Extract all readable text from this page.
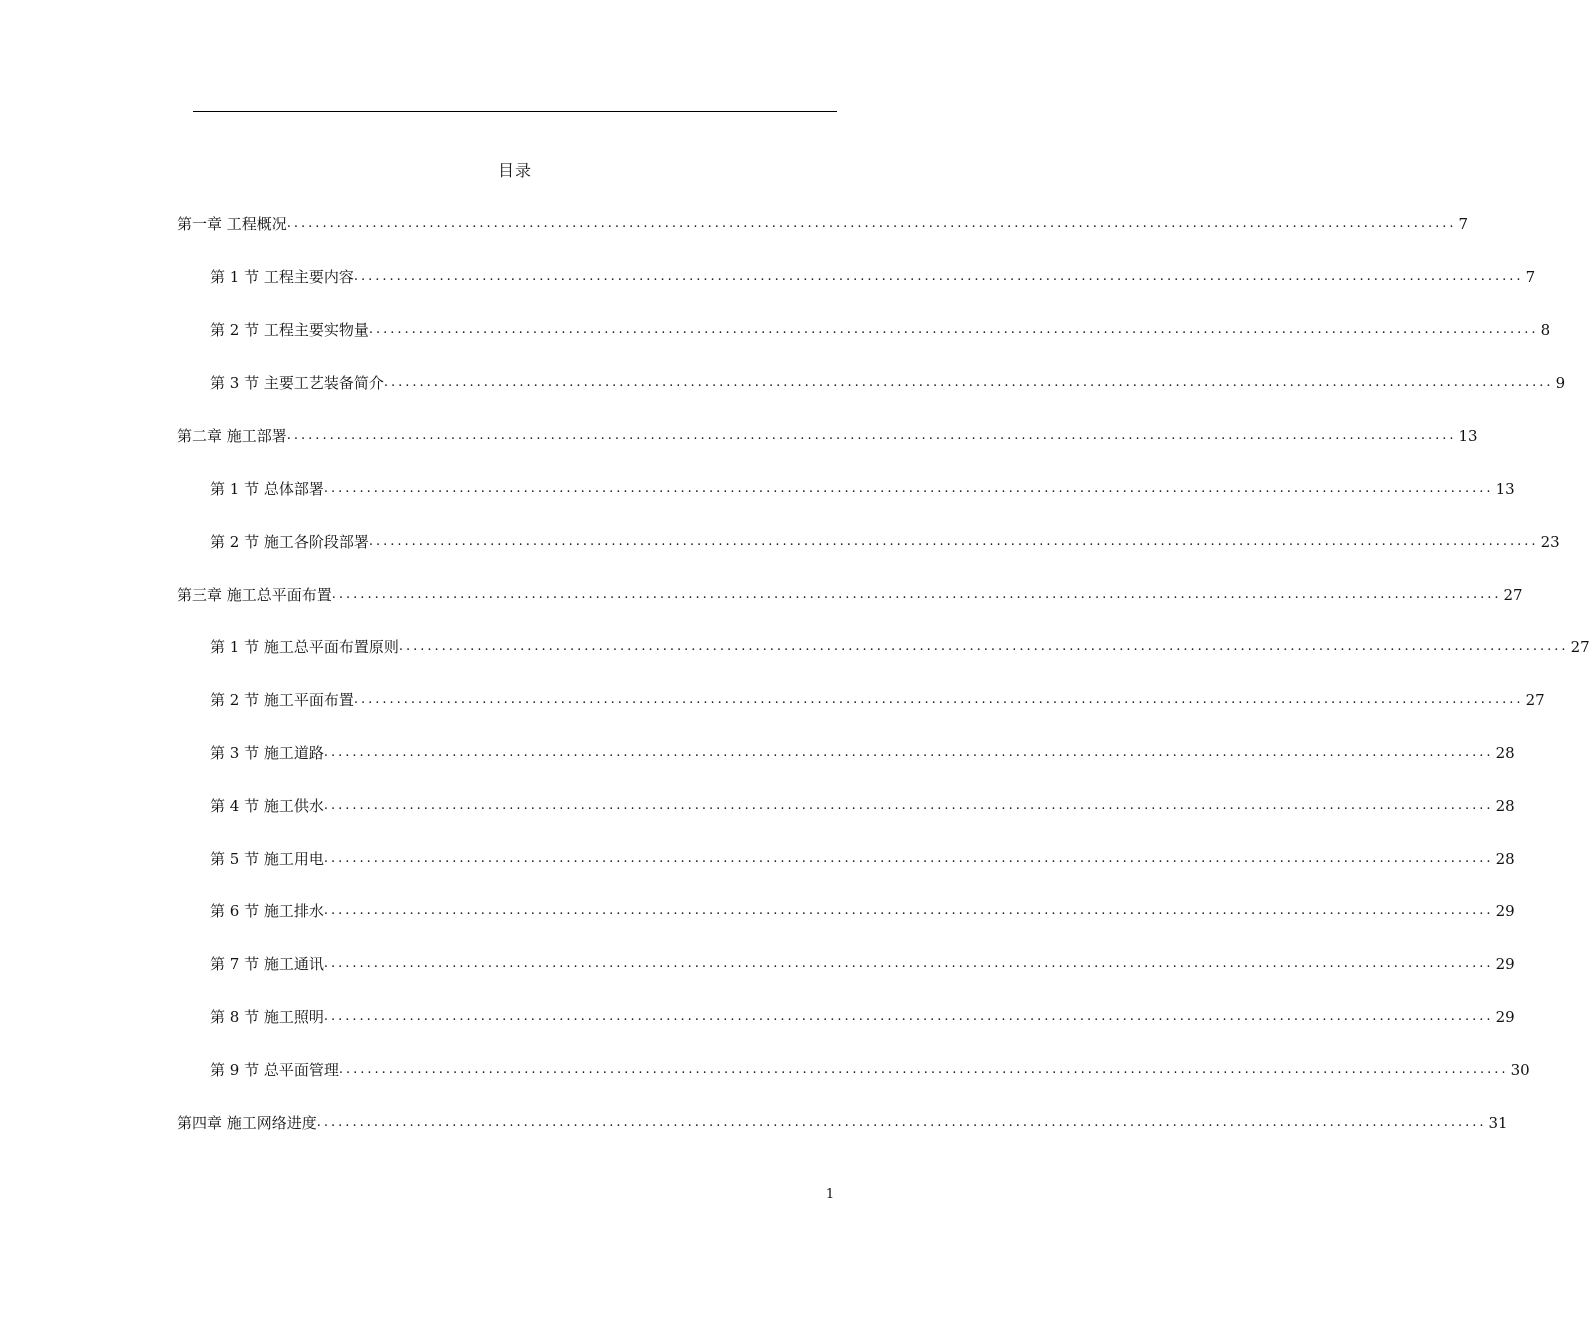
目录
第一章 工程概况 .................................................................................................................................................................... 7
第 1 节 工程主要内容 .................................................................................................................................................................... 7
第 2 节 工程主要实物量 .................................................................................................................................................................... 8
第 3 节 主要工艺装备简介 .................................................................................................................................................................... 9
第二章 施工部署 .................................................................................................................................................................... 13
第 1 节 总体部署 .................................................................................................................................................................... 13
第 2 节 施工各阶段部署 .................................................................................................................................................................... 23
第三章 施工总平面布置 .................................................................................................................................................................... 27
第 1 节 施工总平面布置原则 .................................................................................................................................................................... 27
第 2 节 施工平面布置 .................................................................................................................................................................... 27
第 3 节 施工道路 .................................................................................................................................................................... 28
第 4 节 施工供水 .................................................................................................................................................................... 28
第 5 节 施工用电 .................................................................................................................................................................... 28
第 6 节 施工排水 .................................................................................................................................................................... 29
第 7 节 施工通讯 .................................................................................................................................................................... 29
第 8 节 施工照明 .................................................................................................................................................................... 29
第 9 节 总平面管理 .................................................................................................................................................................... 30
第四章 施工网络进度 .................................................................................................................................................................... 31
1
